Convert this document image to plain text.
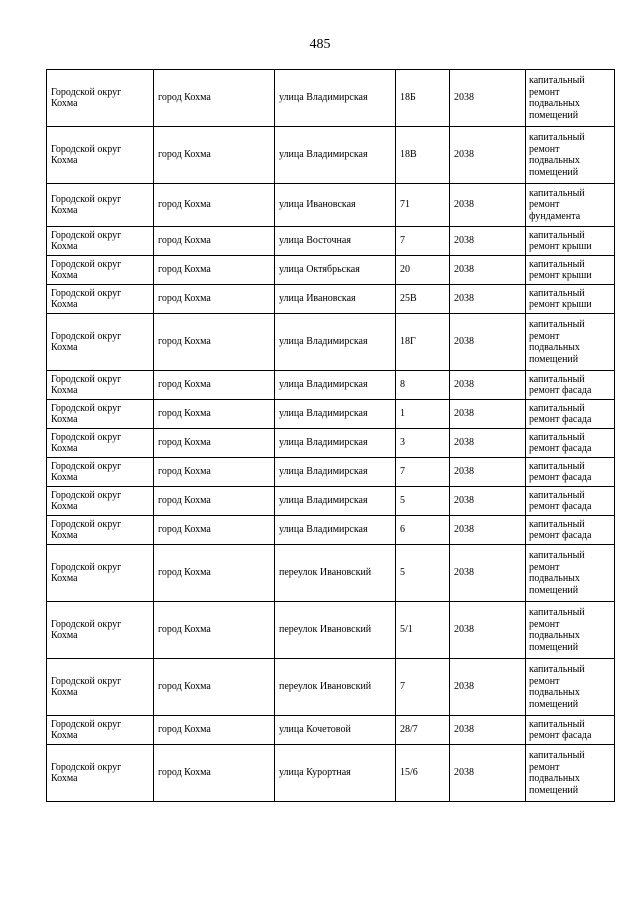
485
Городской округ Кохма	город Кохма	улица Владимирская	18Б	2038	капитальный ремонт подвальных помещений
Городской округ Кохма	город Кохма	улица Владимирская	18В	2038	капитальный ремонт подвальных помещений
Городской округ Кохма	город Кохма	улица Ивановская	71	2038	капитальный ремонт фундамента
Городской округ Кохма	город Кохма	улица Восточная	7	2038	капитальный ремонт крыши
Городской округ Кохма	город Кохма	улица Октябрьская	20	2038	капитальный ремонт крыши
Городской округ Кохма	город Кохма	улица Ивановская	25В	2038	капитальный ремонт крыши
Городской округ Кохма	город Кохма	улица Владимирская	18Г	2038	капитальный ремонт подвальных помещений
Городской округ Кохма	город Кохма	улица Владимирская	8	2038	капитальный ремонт фасада
Городской округ Кохма	город Кохма	улица Владимирская	1	2038	капитальный ремонт фасада
Городской округ Кохма	город Кохма	улица Владимирская	3	2038	капитальный ремонт фасада
Городской округ Кохма	город Кохма	улица Владимирская	7	2038	капитальный ремонт фасада
Городской округ Кохма	город Кохма	улица Владимирская	5	2038	капитальный ремонт фасада
Городской округ Кохма	город Кохма	улица Владимирская	6	2038	капитальный ремонт фасада
Городской округ Кохма	город Кохма	переулок Ивановский	5	2038	капитальный ремонт подвальных помещений
Городской округ Кохма	город Кохма	переулок Ивановский	5/1	2038	капитальный ремонт подвальных помещений
Городской округ Кохма	город Кохма	переулок Ивановский	7	2038	капитальный ремонт подвальных помещений
Городской округ Кохма	город Кохма	улица Кочетовой	28/7	2038	капитальный ремонт фасада
Городской округ Кохма	город Кохма	улица Курортная	15/6	2038	капитальный ремонт подвальных помещений
